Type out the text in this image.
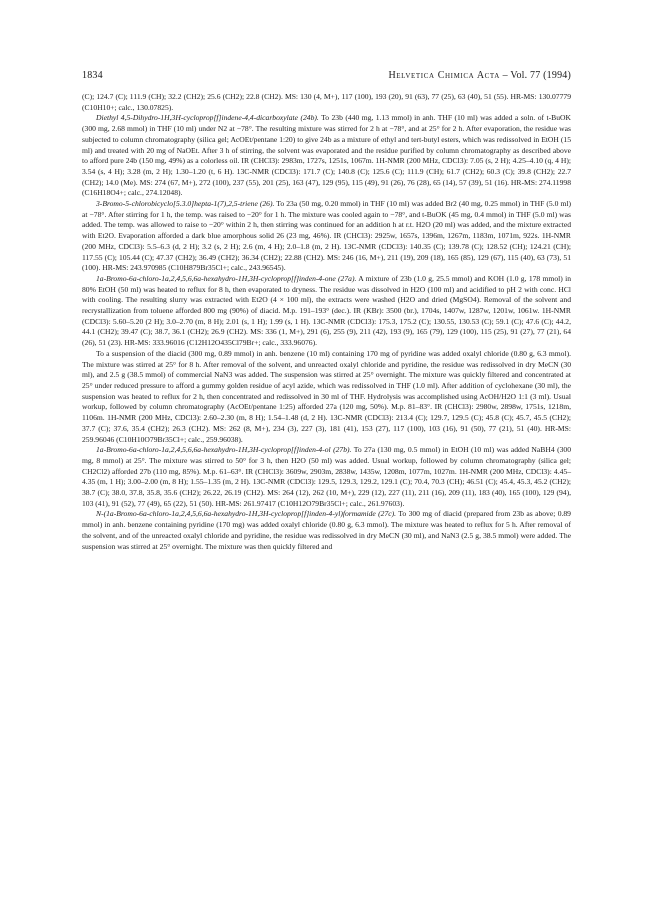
1834	Helvetica Chimica Acta – Vol. 77 (1994)

(C); 124.7 (C); 111.9 (CH); 32.2 (CH2); 25.6 (CH2); 22.8 (CH2). MS: 130 (4, M+), 117 (100), 193 (20), 91 (63), 77 (25), 63 (40), 51 (55). HR-MS: 130.07779 (C10H10+; calc., 130.07825).

Diethyl 4,5-Dihydro-1H,3H-cycloprop[f]indene-4,4-dicarboxylate (24b). To 23b (440 mg, 1.13 mmol) in anh. THF (10 ml) was added a soln. of t-BuOK (300 mg, 2.68 mmol) in THF (10 ml) under N2 at −78°. The resulting mixture was stirred for 2 h at −78°, and at 25° for 2 h. After evaporation, the residue was subjected to column chromatography (silica gel; AcOEt/pentane 1:20) to give 24b as a mixture of ethyl and tert-butyl esters, which was redissolved in EtOH (15 ml) and treated with 20 mg of NaOEt. After 3 h of stirring, the solvent was evaporated and the residue purified by column chromatography as described above to afford pure 24b (150 mg, 49%) as a colorless oil. IR (CHCl3): 2983m, 1727s, 1251s, 1067m. 1H-NMR (200 MHz, CDCl3): 7.05 (s, 2 H); 4.25–4.10 (q, 4 H); 3.54 (s, 4 H); 3.28 (m, 2 H); 1.30–1.20 (t, 6 H). 13C-NMR (CDCl3): 171.7 (C); 140.8 (C); 125.6 (C); 111.9 (CH); 61.7 (CH2); 60.3 (C); 39.8 (CH2); 22.7 (CH2); 14.0 (Me). MS: 274 (67, M+), 272 (100), 237 (55), 201 (25), 163 (47), 129 (95), 115 (49), 91 (26), 76 (28), 65 (14), 57 (39), 51 (16). HR-MS: 274.11998 (C16H18O4+; calc., 274.12048).

3-Bromo-5-chlorobicyclo[5.3.0]hepta-1(7),2,5-triene (26). To 23a (50 mg, 0.20 mmol) in THF (10 ml) was added Br2 (40 mg, 0.25 mmol) in THF (5.0 ml) at −78°. After stirring for 1 h, the temp. was raised to −20° for 1 h. The mixture was cooled again to −78°, and t-BuOK (45 mg, 0.4 mmol) in THF (5.0 ml) was added. The temp. was allowed to raise to −20° within 2 h, then stirring was continued for an addition h at r.t. H2O (20 ml) was added, and the mixture extracted with Et2O. Evaporation afforded a dark blue amorphous solid 26 (23 mg, 46%). IR (CHCl3): 2925w, 1657s, 1396m, 1267m, 1183m, 1071m, 922s. 1H-NMR (200 MHz, CDCl3): 5.5–6.3 (d, 2 H); 3.2 (s, 2 H); 2.6 (m, 4 H); 2.0–1.8 (m, 2 H). 13C-NMR (CDCl3): 140.35 (C); 139.78 (C); 128.52 (CH); 124.21 (CH); 117.55 (C); 105.44 (C); 47.37 (CH2); 36.49 (CH2); 36.34 (CH2); 22.88 (CH2). MS: 246 (16, M+), 211 (19), 209 (18), 165 (85), 129 (67), 115 (40), 63 (73), 51 (100). HR-MS: 243.970985 (C10H879Br35Cl+; calc., 243.96545).

1a-Bromo-6a-chloro-1a,2,4,5,6,6a-hexahydro-1H,3H-cycloprop[f]inden-4-one (27a). A mixture of 23b (1.0 g, 25.5 mmol) and KOH (1.0 g, 178 mmol) in 80% EtOH (50 ml) was heated to reflux for 8 h, then evaporated to dryness. The residue was dissolved in H2O (100 ml) and acidified to pH 2 with conc. HCl with cooling. The resulting slurry was extracted with Et2O (4 × 100 ml), the extracts were washed (H2O and dried (MgSO4). Removal of the solvent and recrystallization from toluene afforded 800 mg (90%) of diacid. M.p. 191–193° (dec.). IR (KBr): 3500 (br.), 1704s, 1407w, 1287w, 1201w, 1061w. 1H-NMR (CDCl3): 5.60–5.20 (2 H); 3.0–2.70 (m, 8 H); 2.01 (s, 1 H); 1.99 (s, 1 H). 13C-NMR (CDCl3): 175.3, 175.2 (C); 130.55, 130.53 (C); 59.1 (C); 47.6 (C); 44.2, 44.1 (CH2); 39.47 (C); 38.7, 36.1 (CH2); 26.9 (CH2). MS: 336 (1, M+), 291 (6), 255 (9), 211 (42), 193 (9), 165 (79), 129 (100), 115 (25), 91 (27), 77 (21), 64 (26), 51 (23). HR-MS: 333.96016 (C12H12O435Cl79Br+; calc., 333.96076).

To a suspension of the diacid (300 mg, 0.89 mmol) in anh. benzene (10 ml) containing 170 mg of pyridine was added oxalyl chloride (0.80 g, 6.3 mmol). The mixture was stirred at 25° for 8 h. After removal of the solvent, and unreacted oxalyl chloride and pyridine, the residue was redissolved in dry MeCN (30 ml), and 2.5 g (38.5 mmol) of commercial NaN3 was added. The suspension was stirred at 25° overnight. The mixture was quickly filtered and concentrated at 25° under reduced pressure to afford a gummy golden residue of acyl azide, which was redissolved in THF (1.0 ml). After addition of cyclohexane (30 ml), the suspension was heated to reflux for 2 h, then concentrated and redissolved in 30 ml of THF. Hydrolysis was accomplished using AcOH/H2O 1:1 (3 ml). Usual workup, followed by column chromatography (AcOEt/pentane 1:25) afforded 27a (120 mg, 50%). M.p. 81–83°. IR (CHCl3): 2980w, 2898w, 1751s, 1218m, 1106m. 1H-NMR (200 MHz, CDCl3): 2.60–2.30 (m, 8 H); 1.54–1.48 (d, 2 H). 13C-NMR (CDCl3): 213.4 (C); 129.7, 129.5 (C); 45.8 (C); 45.7, 45.5 (CH2); 37.7 (C); 37.6, 35.4 (CH2); 26.3 (CH2). MS: 262 (8, M+), 234 (3), 227 (3), 181 (41), 153 (27), 117 (100), 103 (16), 91 (50), 77 (21), 51 (40). HR-MS: 259.96046 (C10H10O79Br35Cl+; calc., 259.96038).

1a-Bromo-6a-chloro-1a,2,4,5,6,6a-hexahydro-1H,3H-cycloprop[f]inden-4-ol (27b). To 27a (130 mg, 0.5 mmol) in EtOH (10 ml) was added NaBH4 (300 mg, 8 mmol) at 25°. The mixture was stirred to 50° for 3 h, then H2O (50 ml) was added. Usual workup, followed by column chromatography (silica gel; CH2Cl2) afforded 27b (110 mg, 85%). M.p. 61–63°. IR (CHCl3): 3609w, 2903m, 2838w, 1435w, 1208m, 1077m, 1027m. 1H-NMR (200 MHz, CDCl3): 4.45–4.35 (m, 1 H); 3.00–2.00 (m, 8 H); 1.55–1.35 (m, 2 H). 13C-NMR (CDCl3): 129.5, 129.3, 129.2, 129.1 (C); 70.4, 70.3 (CH); 46.51 (C); 45.4, 45.3, 45.2 (CH2); 38.7 (C); 38.0, 37.8, 35.8, 35.6 (CH2); 26.22, 26.19 (CH2). MS: 264 (12), 262 (10, M+), 229 (12), 227 (11), 211 (16), 209 (11), 183 (40), 165 (100), 129 (94), 103 (41), 91 (52), 77 (49), 65 (22), 51 (50). HR-MS: 261.97417 (C10H12O79Br35Cl+; calc., 261.97603).

N-(1a-Bromo-6a-chloro-1a,2,4,5,6,6a-hexahydro-1H,3H-cycloprop[f]inden-4-yl)formamide (27c). To 300 mg of diacid (prepared from 23b as above; 0.89 mmol) in anh. benzene containing pyridine (170 mg) was added oxalyl chloride (0.80 g, 6.3 mmol). The mixture was heated to reflux for 5 h. After removal of the solvent, and of the unreacted oxalyl chloride and pyridine, the residue was redissolved in dry MeCN (30 ml), and NaN3 (2.5 g, 38.5 mmol) were added. The suspension was stirred at 25° overnight. The mixture was then quickly filtered and
